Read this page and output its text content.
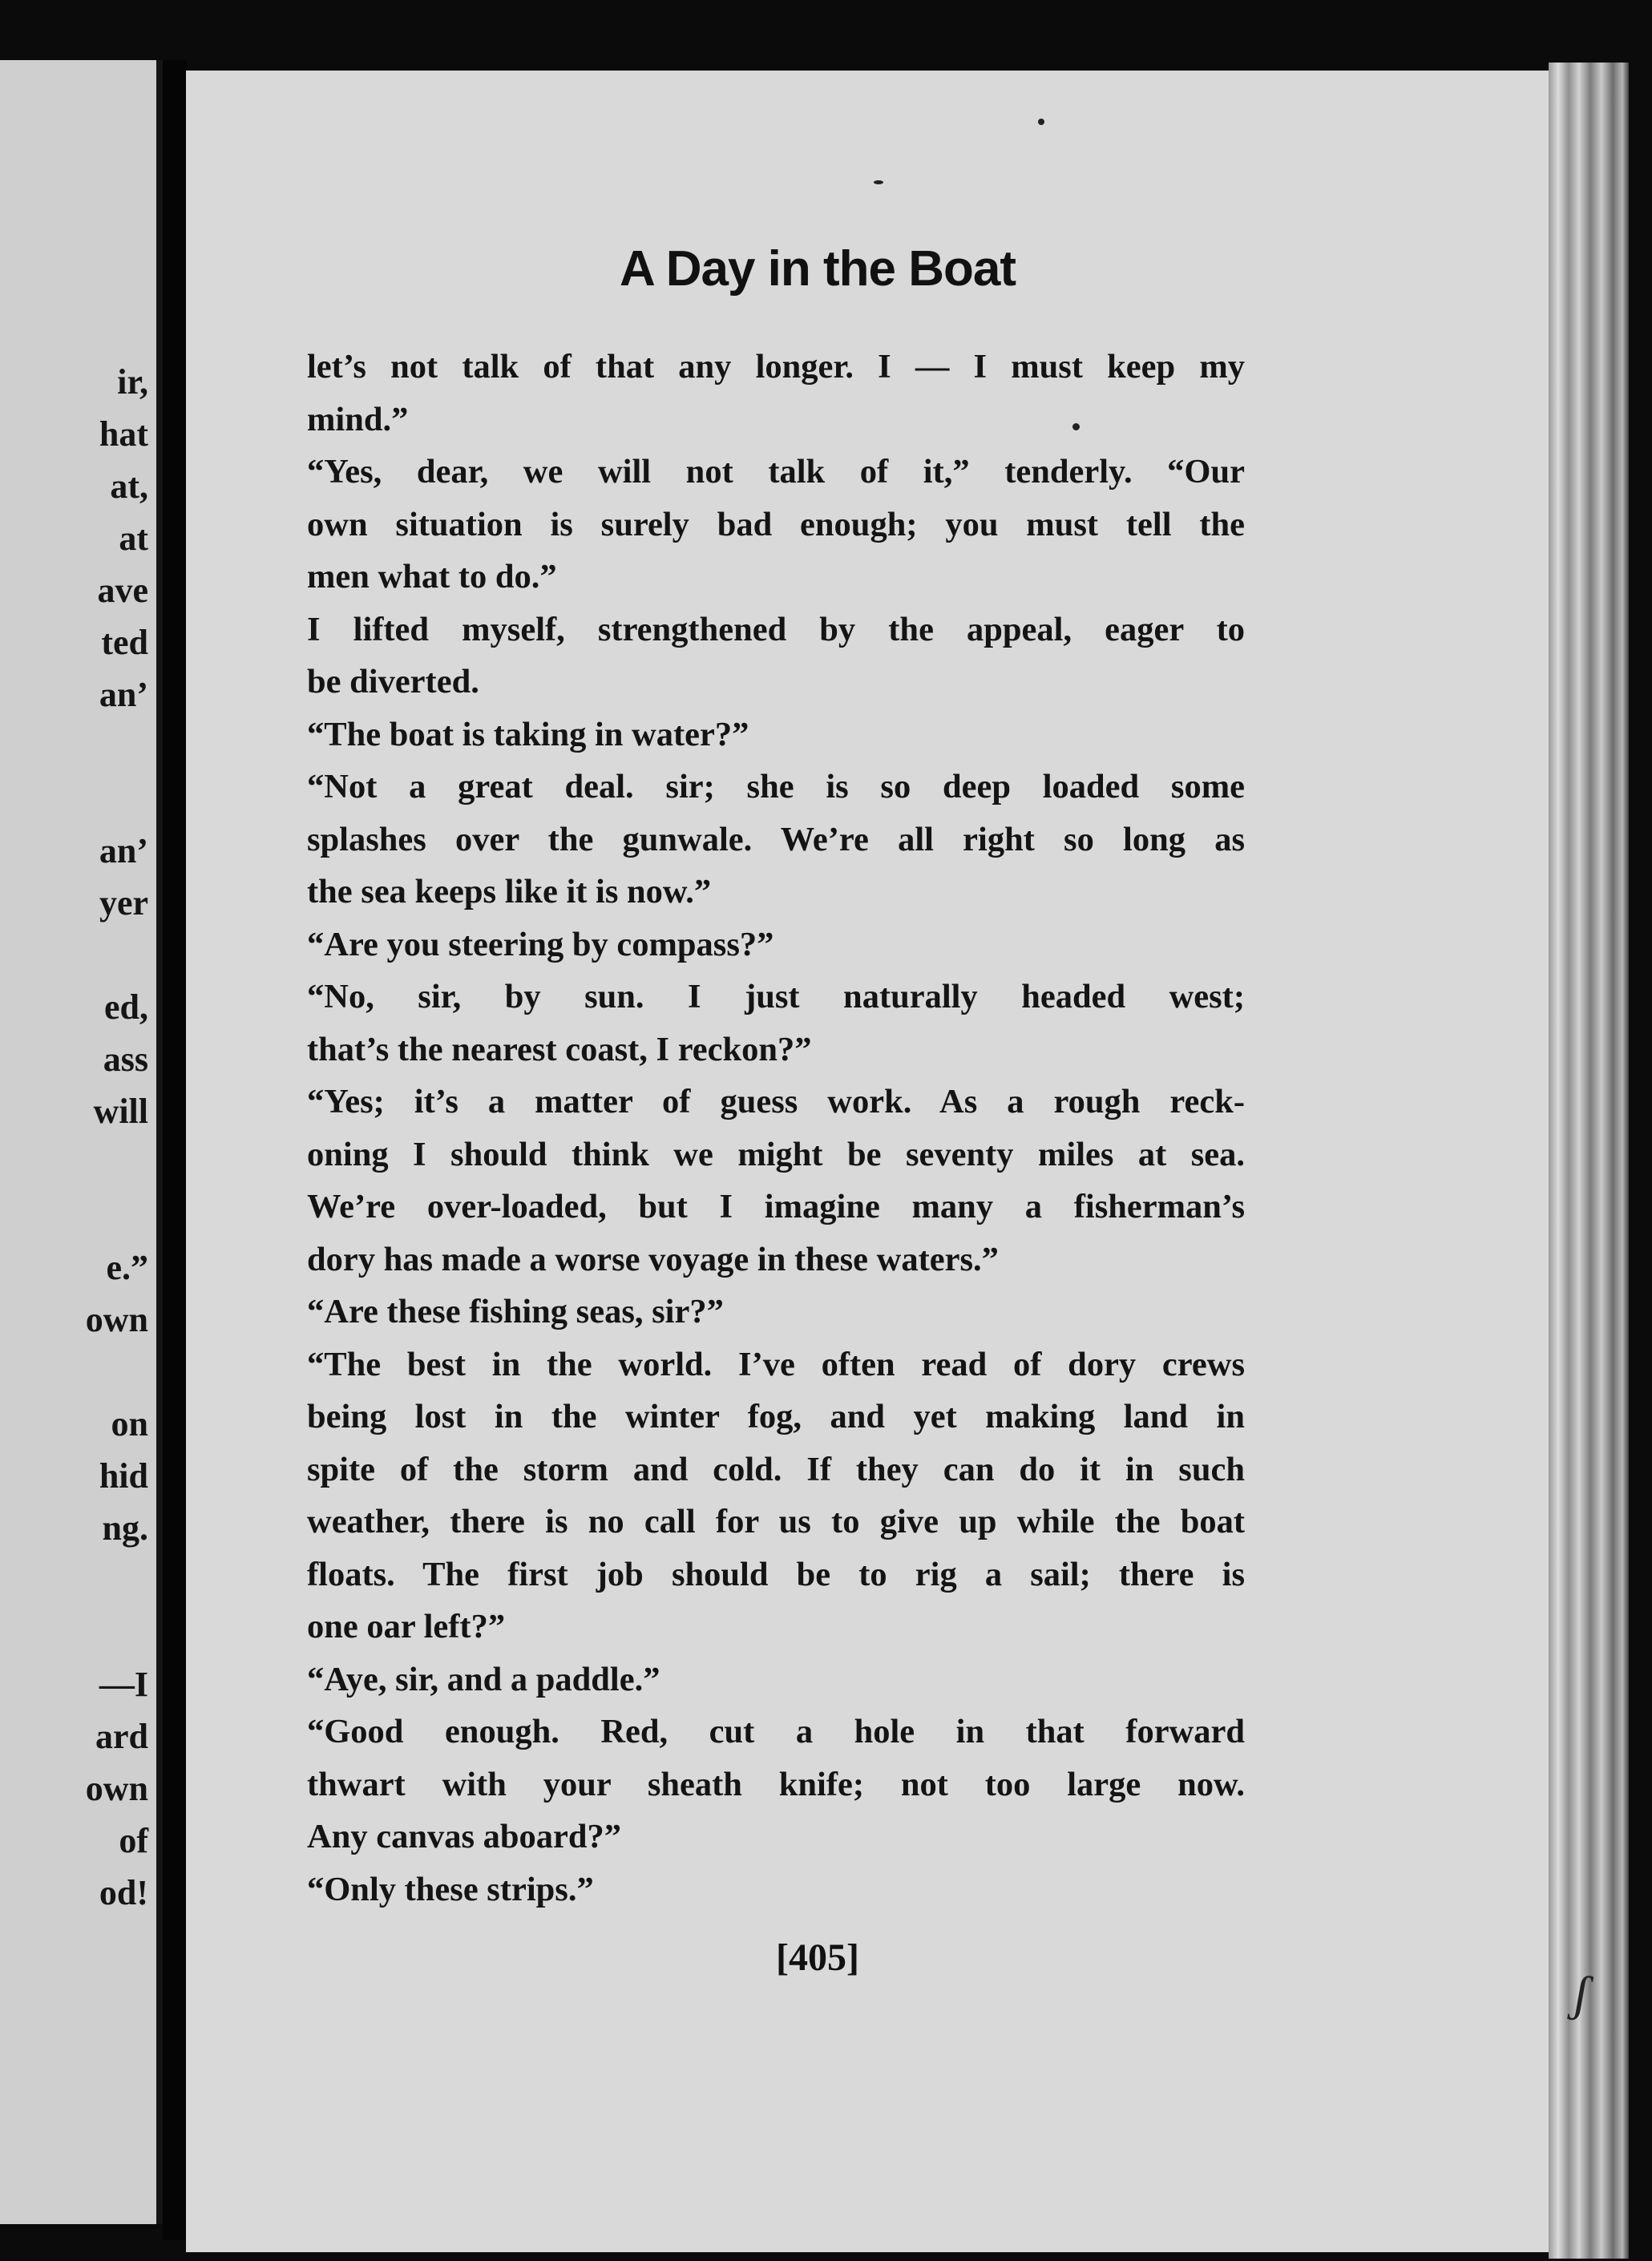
ir,
hat
at,
at
ave
ted
an’
an’
yer
ed,
ass
will
e.”
own
on
hid
ng.
—I
ard
own
of
od!
ʃ
A Day in the Boat
let’s not talk of that any longer. I — I must keep my
mind.”
“Yes, dear, we will not talk of it,” tenderly. “Our
own situation is surely bad enough; you must tell the
men what to do.”
I lifted myself, strengthened by the appeal, eager to
be diverted.
“The boat is taking in water?”
“Not a great deal. sir; she is so deep loaded some
splashes over the gunwale. We’re all right so long as
the sea keeps like it is now.”
“Are you steering by compass?”
“No, sir, by sun. I just naturally headed west;
that’s the nearest coast, I reckon?”
“Yes; it’s a matter of guess work. As a rough reck-
oning I should think we might be seventy miles at sea.
We’re over-loaded, but I imagine many a fisherman’s
dory has made a worse voyage in these waters.”
“Are these fishing seas, sir?”
“The best in the world. I’ve often read of dory crews
being lost in the winter fog, and yet making land in
spite of the storm and cold. If they can do it in such
weather, there is no call for us to give up while the boat
floats. The first job should be to rig a sail; there is
one oar left?”
“Aye, sir, and a paddle.”
“Good enough. Red, cut a hole in that forward
thwart with your sheath knife; not too large now.
Any canvas aboard?”
“Only these strips.”
[405]
